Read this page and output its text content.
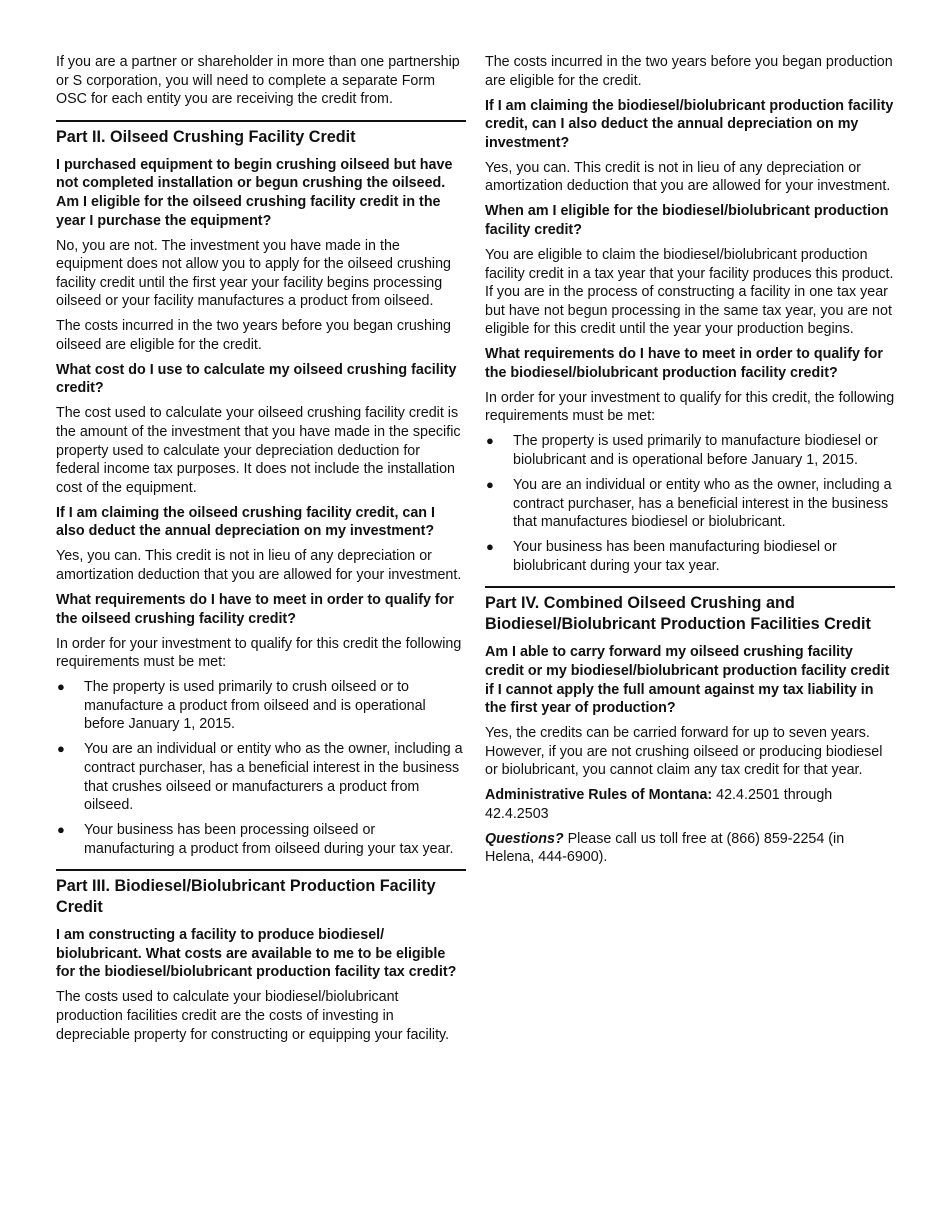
If you are a partner or shareholder in more than one partnership or S corporation, you will need to complete a separate Form OSC for each entity you are receiving the credit from.

Part II. Oilseed Crushing Facility Credit

I purchased equipment to begin crushing oilseed but have not completed installation or begun crushing the oilseed. Am I eligible for the oilseed crushing facility credit in the year I purchase the equipment?

No, you are not. The investment you have made in the equipment does not allow you to apply for the oilseed crushing facility credit until the first year your facility begins processing oilseed or your facility manufactures a product from oilseed.

The costs incurred in the two years before you began crushing oilseed are eligible for the credit.

What cost do I use to calculate my oilseed crushing facility credit?

The cost used to calculate your oilseed crushing facility credit is the amount of the investment that you have made in the specific property used to calculate your depreciation deduction for federal income tax purposes. It does not include the installation cost of the equipment.

If I am claiming the oilseed crushing facility credit, can I also deduct the annual depreciation on my investment?

Yes, you can. This credit is not in lieu of any depreciation or amortization deduction that you are allowed for your investment.

What requirements do I have to meet in order to qualify for the oilseed crushing facility credit?

In order for your investment to qualify for this credit the following requirements must be met:

● The property is used primarily to crush oilseed or to manufacture a product from oilseed and is operational before January 1, 2015.
● You are an individual or entity who as the owner, including a contract purchaser, has a beneficial interest in the business that crushes oilseed or manufacturers a product from oilseed.
● Your business has been processing oilseed or manufacturing a product from oilseed during your tax year.
Part III. Biodiesel/Biolubricant Production Facility Credit

I am constructing a facility to produce biodiesel/ biolubricant. What costs are available to me to be eligible for the biodiesel/biolubricant production facility tax credit?

The costs used to calculate your biodiesel/biolubricant production facilities credit are the costs of investing in depreciable property for constructing or equipping your facility.

The costs incurred in the two years before you began production are eligible for the credit.

If I am claiming the biodiesel/biolubricant production facility credit, can I also deduct the annual depreciation on my investment?

Yes, you can. This credit is not in lieu of any depreciation or amortization deduction that you are allowed for your investment.

When am I eligible for the biodiesel/biolubricant production facility credit?

You are eligible to claim the biodiesel/biolubricant production facility credit in a tax year that your facility produces this product. If you are in the process of constructing a facility in one tax year but have not begun processing in the same tax year, you are not eligible for this credit until the year your production begins.

What requirements do I have to meet in order to qualify for the biodiesel/biolubricant production facility credit?

In order for your investment to qualify for this credit, the following requirements must be met:

● The property is used primarily to manufacture biodiesel or biolubricant and is operational before January 1, 2015.
● You are an individual or entity who as the owner, including a contract purchaser, has a beneficial interest in the business that manufactures biodiesel or biolubricant.
● Your business has been manufacturing biodiesel or biolubricant during your tax year.
Part IV. Combined Oilseed Crushing and Biodiesel/Biolubricant Production Facilities Credit

Am I able to carry forward my oilseed crushing facility credit or my biodiesel/biolubricant production facility credit if I cannot apply the full amount against my tax liability in the first year of production?

Yes, the credits can be carried forward for up to seven years. However, if you are not crushing oilseed or producing biodiesel or biolubricant, you cannot claim any tax credit for that year.

Administrative Rules of Montana: 42.4.2501 through 42.4.2503

Questions? Please call us toll free at (866) 859-2254 (in Helena, 444-6900).
